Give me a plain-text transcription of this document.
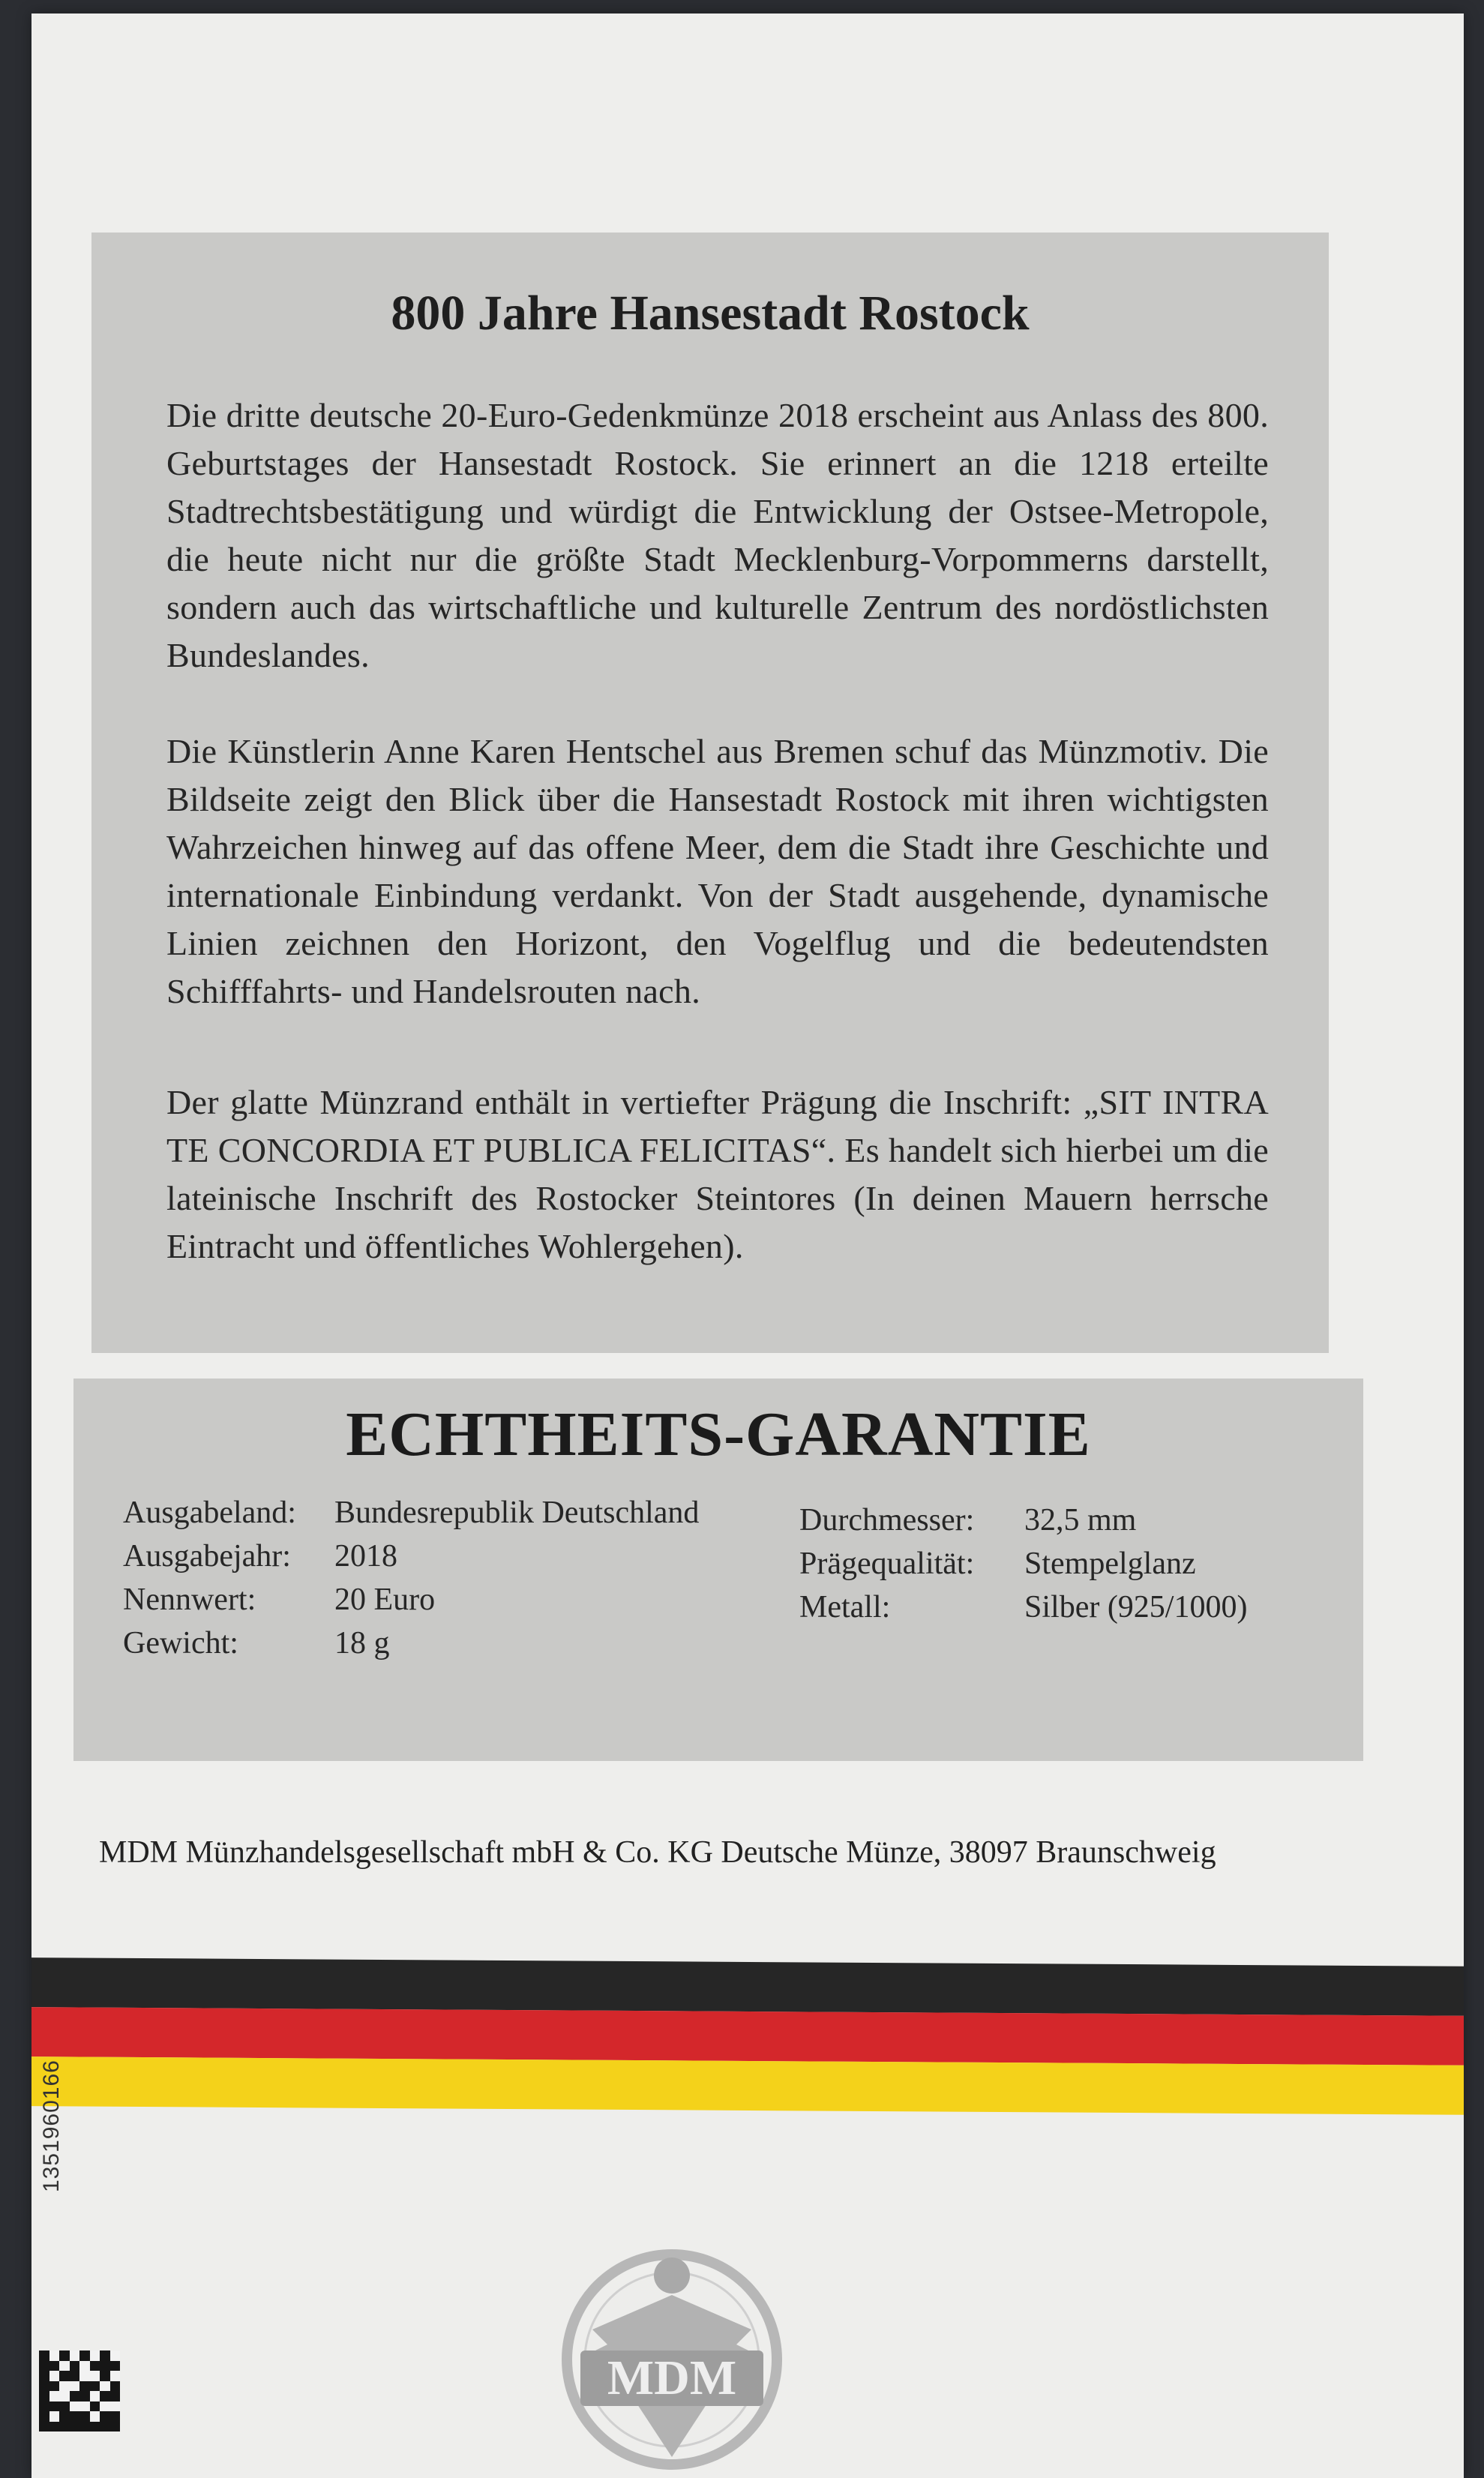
800 Jahre Hansestadt Rostock

Die dritte deutsche 20-Euro-Gedenkmünze 2018 erscheint aus Anlass des 800. Geburtstages der Hansestadt Rostock. Sie erinnert an die 1218 erteilte Stadtrechtsbestätigung und würdigt die Entwicklung der Ostsee-Metropole, die heute nicht nur die größte Stadt Mecklenburg-Vorpommerns darstellt, sondern auch das wirtschaftliche und kulturelle Zentrum des nordöstlichsten Bundeslandes.

Die Künstlerin Anne Karen Hentschel aus Bremen schuf das Münzmotiv. Die Bildseite zeigt den Blick über die Hansestadt Rostock mit ihren wichtigsten Wahrzeichen hinweg auf das offene Meer, dem die Stadt ihre Geschichte und internationale Einbindung verdankt. Von der Stadt ausgehende, dynamische Linien zeichnen den Horizont, den Vogelflug und die bedeutendsten Schifffahrts- und Handelsrouten nach.

Der glatte Münzrand enthält in vertiefter Prägung die Inschrift: „SIT INTRA TE CONCORDIA ET PUBLICA FELICITAS“. Es handelt sich hierbei um die lateinische Inschrift des Rostocker Steintores (In deinen Mauern herrsche Eintracht und öffentliches Wohlergehen).

ECHTHEITS-GARANTIE
Ausgabeland:	Bundesrepublik Deutschland
Ausgabejahr:	2018
Nennwert:	20 Euro
Gewicht:	18 g
Durchmesser:	32,5 mm
Prägequalität:	Stempelglanz
Metall:	Silber (925/1000)

MDM Münzhandelsgesellschaft mbH & Co. KG Deutsche Münze, 38097 Braunschweig

13519601​66
MDM
